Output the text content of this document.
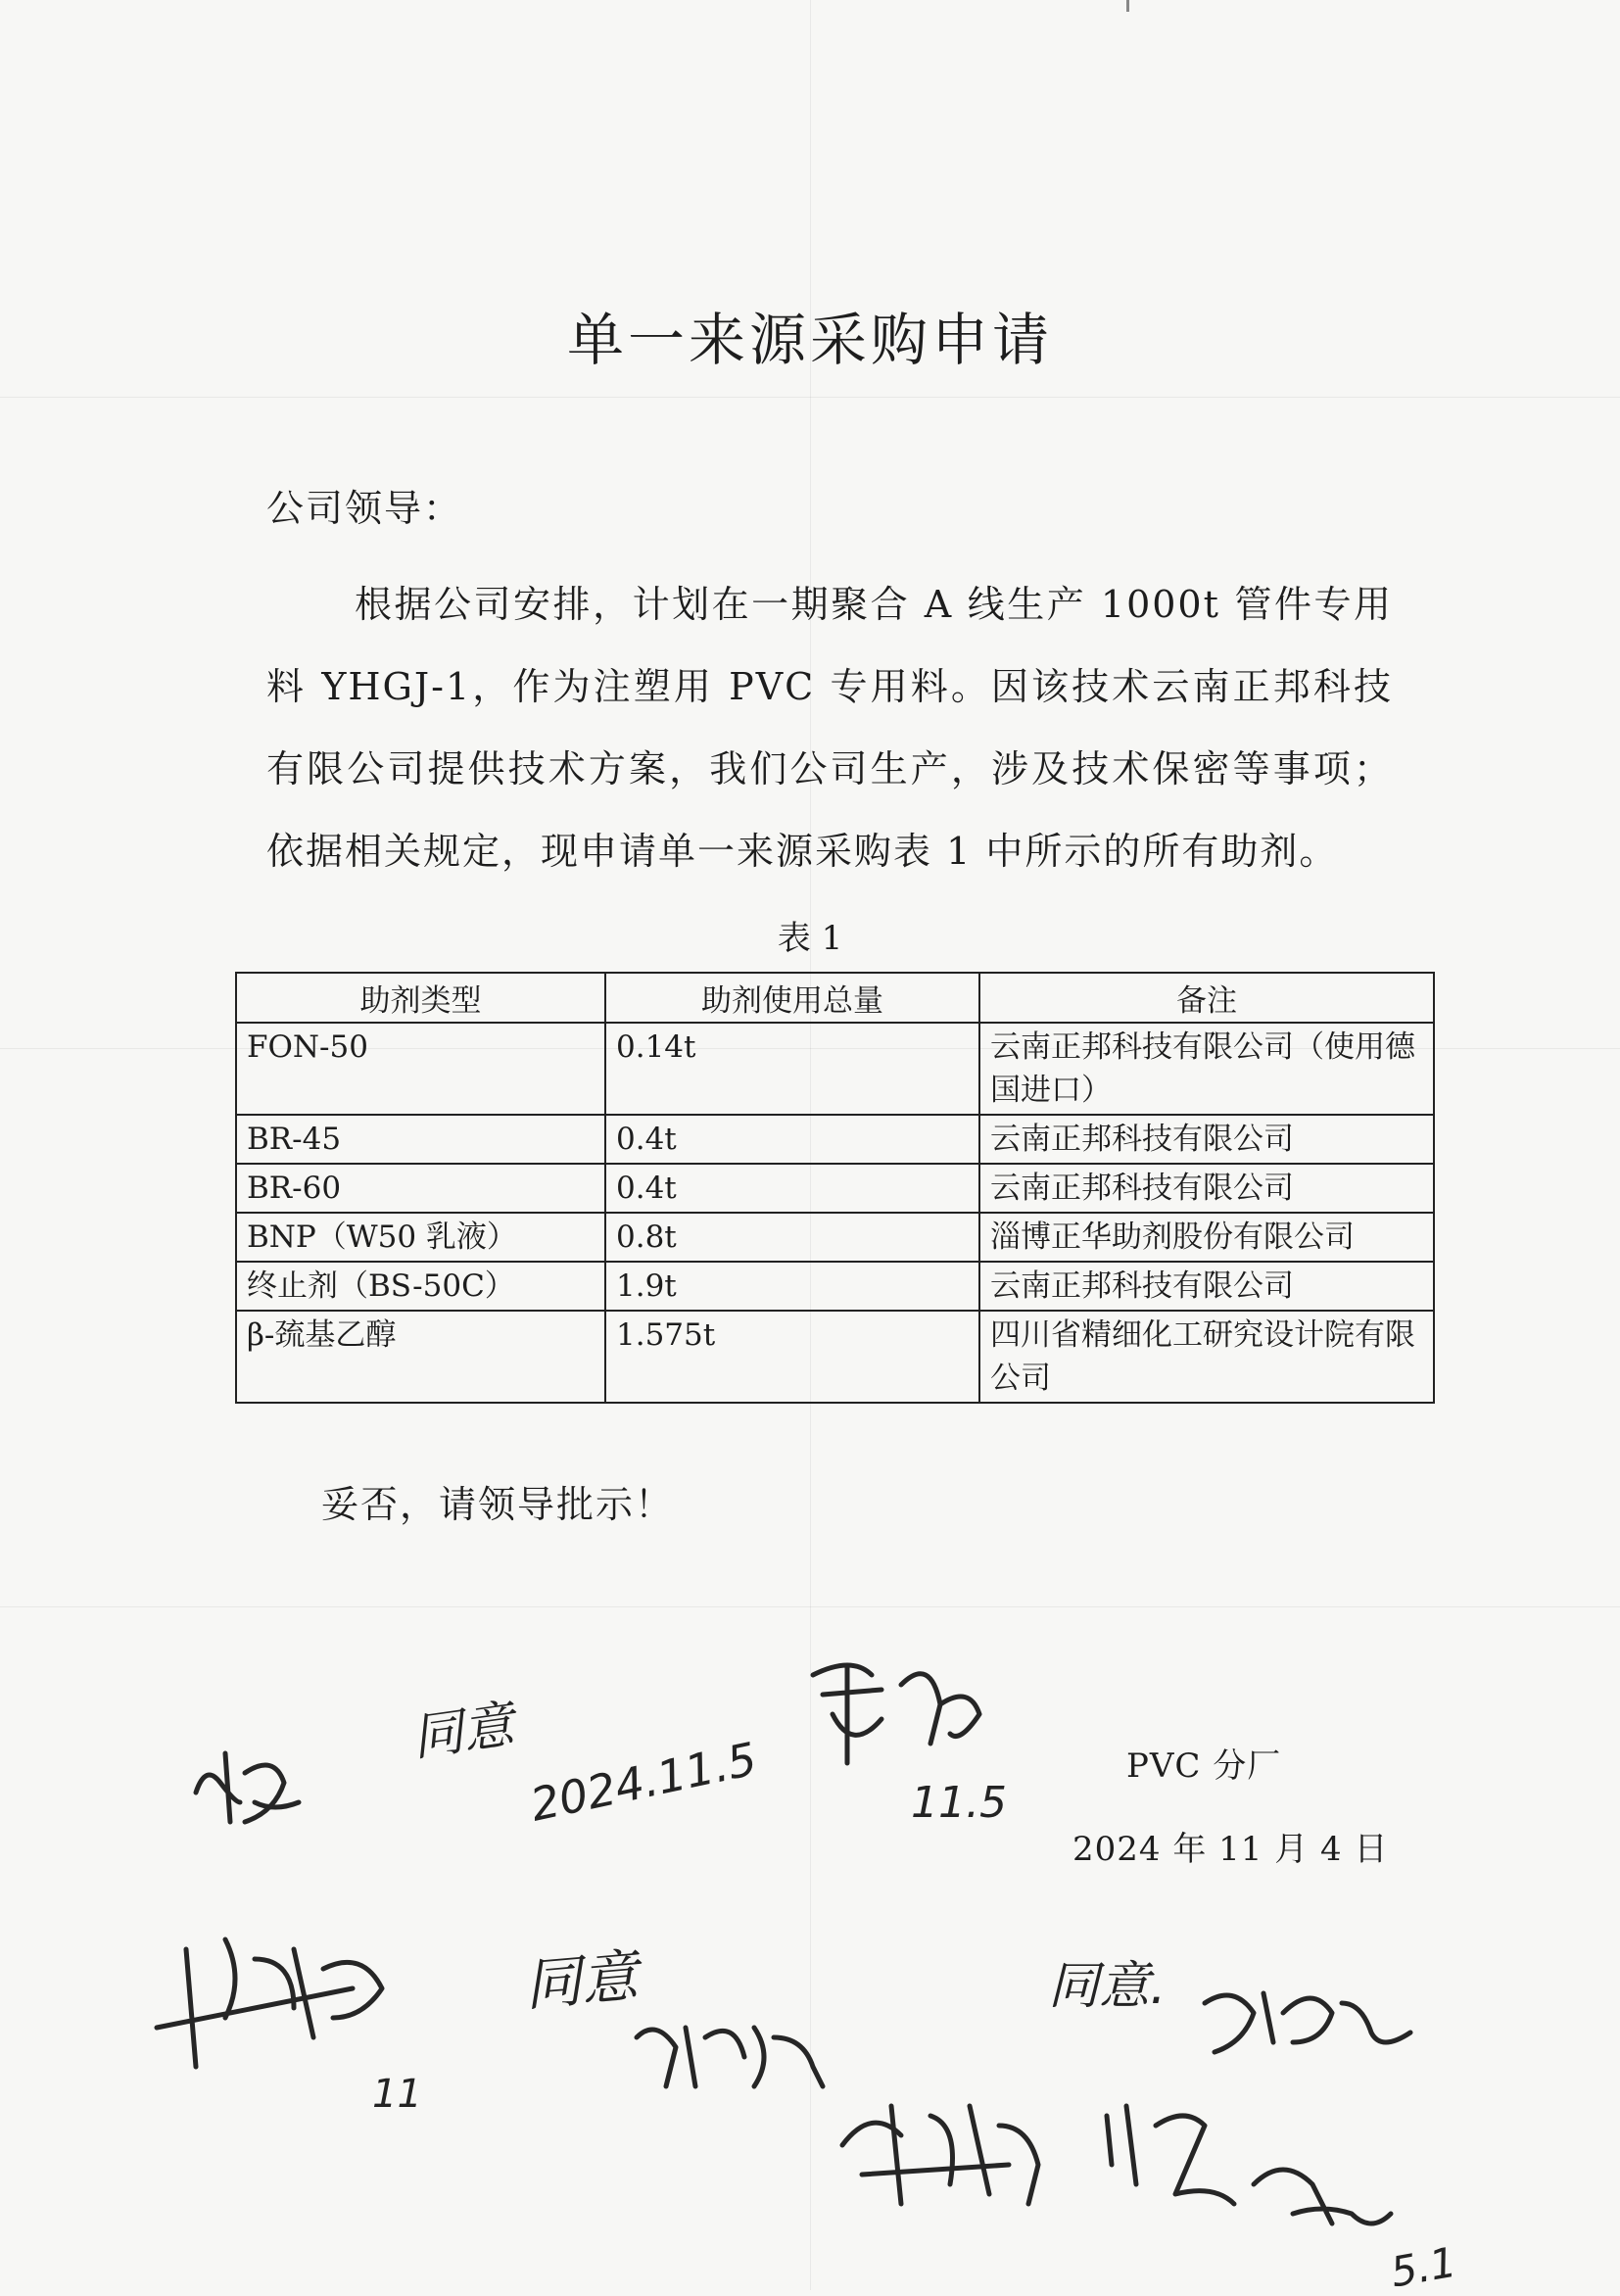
单一来源采购申请
公司领导：

根据公司安排，计划在一期聚合 A 线生产 1000t 管件专用料 YHGJ-1，作为注塑用 PVC 专用料。因该技术云南正邦科技有限公司提供技术方案，我们公司生产，涉及技术保密等事项；依据相关规定，现申请单一来源采购表 1 中所示的所有助剂。

表 1
助剂类型	助剂使用总量	备注
FON-50	0.14t	云南正邦科技有限公司（使用德国进口）
BR-45	0.4t	云南正邦科技有限公司
BR-60	0.4t	云南正邦科技有限公司
BNP（W50 乳液）	0.8t	淄博正华助剂股份有限公司
终止剂（BS-50C）	1.9t	云南正邦科技有限公司
β-巯基乙醇	1.575t	四川省精细化工研究设计院有限公司
妥否，请领导批示！
PVC 分厂
2024 年 11 月 4 日
同意
2024.11.5	11.5
同意	同意.
11
5.1
